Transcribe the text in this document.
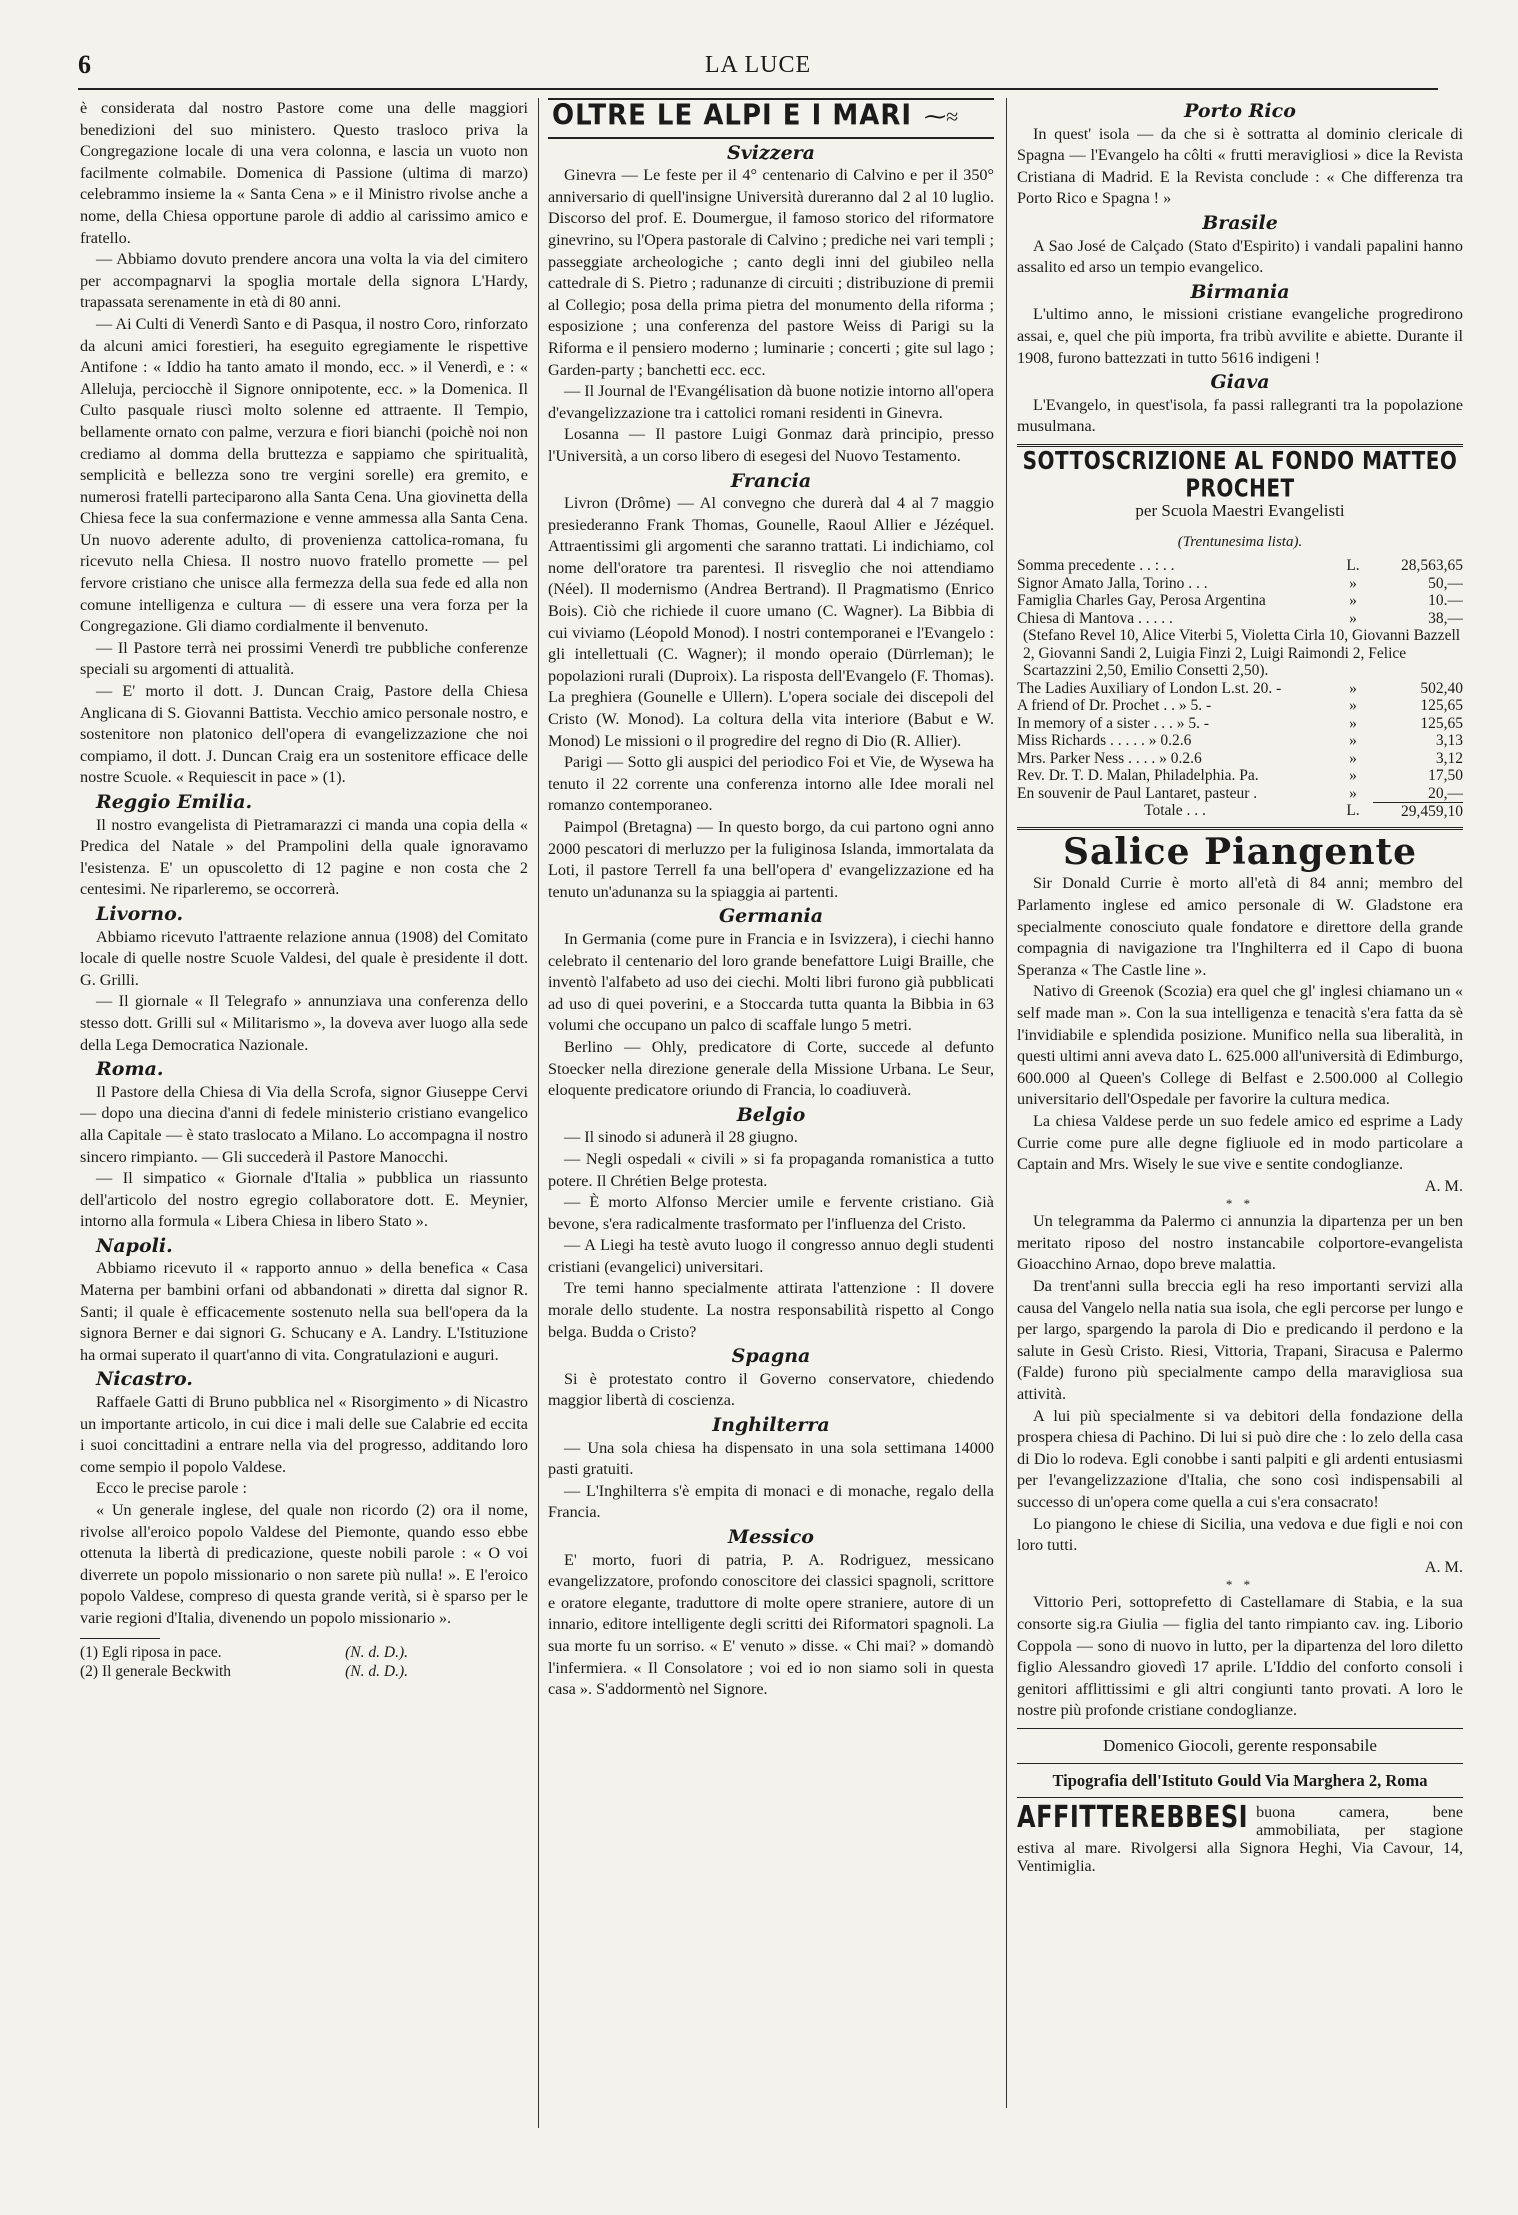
6	LA LUCE

è considerata dal nostro Pastore come una delle maggiori benedizioni del suo ministero. Questo trasloco priva la Congregazione locale di una vera colonna, e lascia un vuoto non facilmente colmabile. Domenica di Passione (ultima di marzo) celebrammo insieme la « Santa Cena » e il Ministro rivolse anche a nome, della Chiesa opportune parole di addio al carissimo amico e fratello.

— Abbiamo dovuto prendere ancora una volta la via del cimitero per accompagnarvi la spoglia mortale della signora L'Hardy, trapassata serenamente in età di 80 anni.

— Ai Culti di Venerdì Santo e di Pasqua, il nostro Coro, rinforzato da alcuni amici forestieri, ha eseguito egregiamente le rispettive Antifone : « Iddio ha tanto amato il mondo, ecc. » il Venerdì, e : « Alleluja, perciocchè il Signore onnipotente, ecc. » la Domenica. Il Culto pasquale riuscì molto solenne ed attraente. Il Tempio, bellamente ornato con palme, verzura e fiori bianchi (poichè noi non crediamo al domma della bruttezza e sappiamo che spiritualità, semplicità e bellezza sono tre vergini sorelle) era gremito, e numerosi fratelli parteciparono alla Santa Cena. Una giovinetta della Chiesa fece la sua confermazione e venne ammessa alla Santa Cena. Un nuovo aderente adulto, di provenienza cattolica-romana, fu ricevuto nella Chiesa. Il nostro nuovo fratello promette — pel fervore cristiano che unisce alla fermezza della sua fede ed alla non comune intelligenza e cultura — di essere una vera forza per la Congregazione. Gli diamo cordialmente il benvenuto.

— Il Pastore terrà nei prossimi Venerdì tre pubbliche conferenze speciali su argomenti di attualità.

— E' morto il dott. J. Duncan Craig, Pastore della Chiesa Anglicana di S. Giovanni Battista. Vecchio amico personale nostro, e sostenitore non platonico dell'opera di evangelizzazione che noi compiamo, il dott. J. Duncan Craig era un sostenitore efficace delle nostre Scuole. « Requiescit in pace » (1).

Reggio Emilia.

Il nostro evangelista di Pietramarazzi ci manda una copia della « Predica del Natale » del Prampolini della quale ignoravamo l'esistenza. E' un opuscoletto di 12 pagine e non costa che 2 centesimi. Ne riparleremo, se occorrerà.

Livorno.

Abbiamo ricevuto l'attraente relazione annua (1908) del Comitato locale di quelle nostre Scuole Valdesi, del quale è presidente il dott. G. Grilli.

— Il giornale « Il Telegrafo » annunziava una conferenza dello stesso dott. Grilli sul « Militarismo », la doveva aver luogo alla sede della Lega Democratica Nazionale.

Roma.

Il Pastore della Chiesa di Via della Scrofa, signor Giuseppe Cervi — dopo una diecina d'anni di fedele ministerio cristiano evangelico alla Capitale — è stato traslocato a Milano. Lo accompagna il nostro sincero rimpianto. — Gli succederà il Pastore Manocchi.

— Il simpatico « Giornale d'Italia » pubblica un riassunto dell'articolo del nostro egregio collaboratore dott. E. Meynier, intorno alla formula « Libera Chiesa in libero Stato ».

Napoli.

Abbiamo ricevuto il « rapporto annuo » della benefica « Casa Materna per bambini orfani od abbandonati » diretta dal signor R. Santi; il quale è efficacemente sostenuto nella sua bell'opera da la signora Berner e dai signori G. Schucany e A. Landry. L'Istituzione ha ormai superato il quart'anno di vita. Congratulazioni e auguri.

Nicastro.

Raffaele Gatti di Bruno pubblica nel « Risorgimento » di Nicastro un importante articolo, in cui dice i mali delle sue Calabrie ed eccita i suoi concittadini a entrare nella via del progresso, additando loro come sempio il popolo Valdese.

Ecco le precise parole :

« Un generale inglese, del quale non ricordo (2) ora il nome, rivolse all'eroico popolo Valdese del Piemonte, quando esso ebbe ottenuta la libertà di predicazione, queste nobili parole : « O voi diverrete un popolo missionario o non sarete più nulla! ». E l'eroico popolo Valdese, compreso di questa grande verità, si è sparso per le varie regioni d'Italia, divenendo un popolo missionario ».

(1) Egli riposa in pace.	(N. d. D.).
(2) Il generale Beckwith	(N. d. D.).
OLTRE LE ALPI E I MARI ⁓≈
Svizzera

Ginevra — Le feste per il 4° centenario di Calvino e per il 350° anniversario di quell'insigne Università dureranno dal 2 al 10 luglio. Discorso del prof. E. Doumergue, il famoso storico del riformatore ginevrino, su l'Opera pastorale di Calvino ; prediche nei vari templi ; passeggiate archeologiche ; canto degli inni del giubileo nella cattedrale di S. Pietro ; radunanze di circuiti ; distribuzione di premii al Collegio; posa della prima pietra del monumento della riforma ; esposizione ; una conferenza del pastore Weiss di Parigi su la Riforma e il pensiero moderno ; luminarie ; concerti ; gite sul lago ; Garden-party ; banchetti ecc. ecc.

— Il Journal de l'Evangélisation dà buone notizie intorno all'opera d'evangelizzazione tra i cattolici romani residenti in Ginevra.

Losanna — Il pastore Luigi Gonmaz darà principio, presso l'Università, a un corso libero di esegesi del Nuovo Testamento.

Francia

Livron (Drôme) — Al convegno che durerà dal 4 al 7 maggio presiederanno Frank Thomas, Gounelle, Raoul Allier e Jézéquel. Attraentissimi gli argomenti che saranno trattati. Li indichiamo, col nome dell'oratore tra parentesi. Il risveglio che noi attendiamo (Néel). Il modernismo (Andrea Bertrand). Il Pragmatismo (Enrico Bois). Ciò che richiede il cuore umano (C. Wagner). La Bibbia di cui viviamo (Léopold Monod). I nostri contemporanei e l'Evangelo : gli intellettuali (C. Wagner); il mondo operaio (Dürrleman); le popolazioni rurali (Duproix). La risposta dell'Evangelo (F. Thomas). La preghiera (Gounelle e Ullern). L'opera sociale dei discepoli del Cristo (W. Monod). La coltura della vita interiore (Babut e W. Monod) Le missioni o il progredire del regno di Dio (R. Allier).

Parigi — Sotto gli auspici del periodico Foi et Vie, de Wysewa ha tenuto il 22 corrente una conferenza intorno alle Idee morali nel romanzo contemporaneo.

Paimpol (Bretagna) — In questo borgo, da cui partono ogni anno 2000 pescatori di merluzzo per la fuliginosa Islanda, immortalata da Loti, il pastore Terrell fa una bell'opera d' evangelizzazione ed ha tenuto un'adunanza su la spiaggia ai partenti.

Germania

In Germania (come pure in Francia e in Isvizzera), i ciechi hanno celebrato il centenario del loro grande benefattore Luigi Braille, che inventò l'alfabeto ad uso dei ciechi. Molti libri furono già pubblicati ad uso di quei poverini, e a Stoccarda tutta quanta la Bibbia in 63 volumi che occupano un palco di scaffale lungo 5 metri.

Berlino — Ohly, predicatore di Corte, succede al defunto Stoecker nella direzione generale della Missione Urbana. Le Seur, eloquente predicatore oriundo di Francia, lo coadiuverà.

Belgio

— Il sinodo si adunerà il 28 giugno.

— Negli ospedali « civili » si fa propaganda romanistica a tutto potere. Il Chrétien Belge protesta.

— È morto Alfonso Mercier umile e fervente cristiano. Già bevone, s'era radicalmente trasformato per l'influenza del Cristo.

— A Liegi ha testè avuto luogo il congresso annuo degli studenti cristiani (evangelici) universitari.

Tre temi hanno specialmente attirata l'attenzione : Il dovere morale dello studente. La nostra responsabilità rispetto al Congo belga. Budda o Cristo?

Spagna

Si è protestato contro il Governo conservatore, chiedendo maggior libertà di coscienza.

Inghilterra

— Una sola chiesa ha dispensato in una sola settimana 14000 pasti gratuiti.

— L'Inghilterra s'è empita di monaci e di monache, regalo della Francia.

Messico

E' morto, fuori di patria, P. A. Rodriguez, messicano evangelizzatore, profondo conoscitore dei classici spagnoli, scrittore e oratore elegante, traduttore di molte opere straniere, autore di un innario, editore intelligente degli scritti dei Riformatori spagnoli. La sua morte fu un sorriso. « E' venuto » disse. « Chi mai? » domandò l'infermiera. « Il Consolatore ; voi ed io non siamo soli in questa casa ». S'addormentò nel Signore.

Porto Rico

In quest' isola — da che si è sottratta al dominio clericale di Spagna — l'Evangelo ha côlti « frutti meravigliosi » dice la Revista Cristiana di Madrid. E la Revista conclude : « Che differenza tra Porto Rico e Spagna ! »

Brasile

A Sao José de Calçado (Stato d'Espirito) i vandali papalini hanno assalito ed arso un tempio evangelico.

Birmania

L'ultimo anno, le missioni cristiane evangeliche progredirono assai, e, quel che più importa, fra tribù avvilite e abiette. Durante il 1908, furono battezzati in tutto 5616 indigeni !

Giava

L'Evangelo, in quest'isola, fa passi rallegranti tra la popolazione musulmana.

SOTTOSCRIZIONE AL FONDO MATTEO PROCHET
per Scuola Maestri Evangelisti
(Trentunesima lista).
Somma precedente . . : . .	L.	28,563,65
Signor Amato Jalla, Torino . . .	»	50,—
Famiglia Charles Gay, Perosa Argentina	»	10.—
Chiesa di Mantova . . . . .	»	38,—
(Stefano Revel 10, Alice Viterbi 5, Violetta Cirla 10, Giovanni Bazzell 2, Giovanni Sandi 2, Luigia Finzi 2, Luigi Raimondi 2, Felice Scartazzini 2,50, Emilio Consetti 2,50).
The Ladies Auxiliary of London L.st. 20. -	»	502,40
A friend of Dr. Prochet . . » 5. -	»	125,65
In memory of a sister . . . » 5. -	»	125,65
Miss Richards . . . . . » 0.2.6	»	3,13
Mrs. Parker Ness . . . . » 0.2.6	»	3,12
Rev. Dr. T. D. Malan, Philadelphia. Pa.	»	17,50
En souvenir de Paul Lantaret, pasteur .	»	20,—
Totale . . .	L.	29,459,10
Salice Piangente

Sir Donald Currie è morto all'età di 84 anni; membro del Parlamento inglese ed amico personale di W. Gladstone era specialmente conosciuto quale fondatore e direttore della grande compagnia di navigazione tra l'Inghilterra ed il Capo di buona Speranza « The Castle line ».

Nativo di Greenok (Scozia) era quel che gl' inglesi chiamano un « self made man ». Con la sua intelligenza e tenacità s'era fatta da sè l'invidiabile e splendida posizione. Munifico nella sua liberalità, in questi ultimi anni aveva dato L. 625.000 all'università di Edimburgo, 600.000 al Queen's College di Belfast e 2.500.000 al Collegio universitario dell'Ospedale per favorire la cultura medica.

La chiesa Valdese perde un suo fedele amico ed esprime a Lady Currie come pure alle degne figliuole ed in modo particolare a Captain and Mrs. Wisely le sue vive e sentite condoglianze.

A. M.
* *

Un telegramma da Palermo ci annunzia la dipartenza per un ben meritato riposo del nostro instancabile colportore-evangelista Gioacchino Arnao, dopo breve malattia.

Da trent'anni sulla breccia egli ha reso importanti servizi alla causa del Vangelo nella natia sua isola, che egli percorse per lungo e per largo, spargendo la parola di Dio e predicando il perdono e la salute in Gesù Cristo. Riesi, Vittoria, Trapani, Siracusa e Palermo (Falde) furono più specialmente campo della maravigliosa sua attività.

A lui più specialmente si va debitori della fondazione della prospera chiesa di Pachino. Di lui si può dire che : lo zelo della casa di Dio lo rodeva. Egli conobbe i santi palpiti e gli ardenti entusiasmi per l'evangelizzazione d'Italia, che sono così indispensabili al successo di un'opera come quella a cui s'era consacrato!

Lo piangono le chiese di Sicilia, una vedova e due figli e noi con loro tutti.

A. M.
* *

Vittorio Peri, sottoprefetto di Castellamare di Stabia, e la sua consorte sig.ra Giulia — figlia del tanto rimpianto cav. ing. Liborio Coppola — sono di nuovo in lutto, per la dipartenza del loro diletto figlio Alessandro giovedì 17 aprile. L'Iddio del conforto consoli i genitori afflittissimi e gli altri congiunti tanto provati. A loro le nostre più profonde cristiane condoglianze.

Domenico Giocoli, gerente responsabile
Tipografia dell'Istituto Gould Via Marghera 2, Roma
AFFITTEREBBESI buona camera, bene ammobiliata, per stagione estiva al mare. Rivolgersi alla Signora Heghi, Via Cavour, 14, Ventimiglia.
